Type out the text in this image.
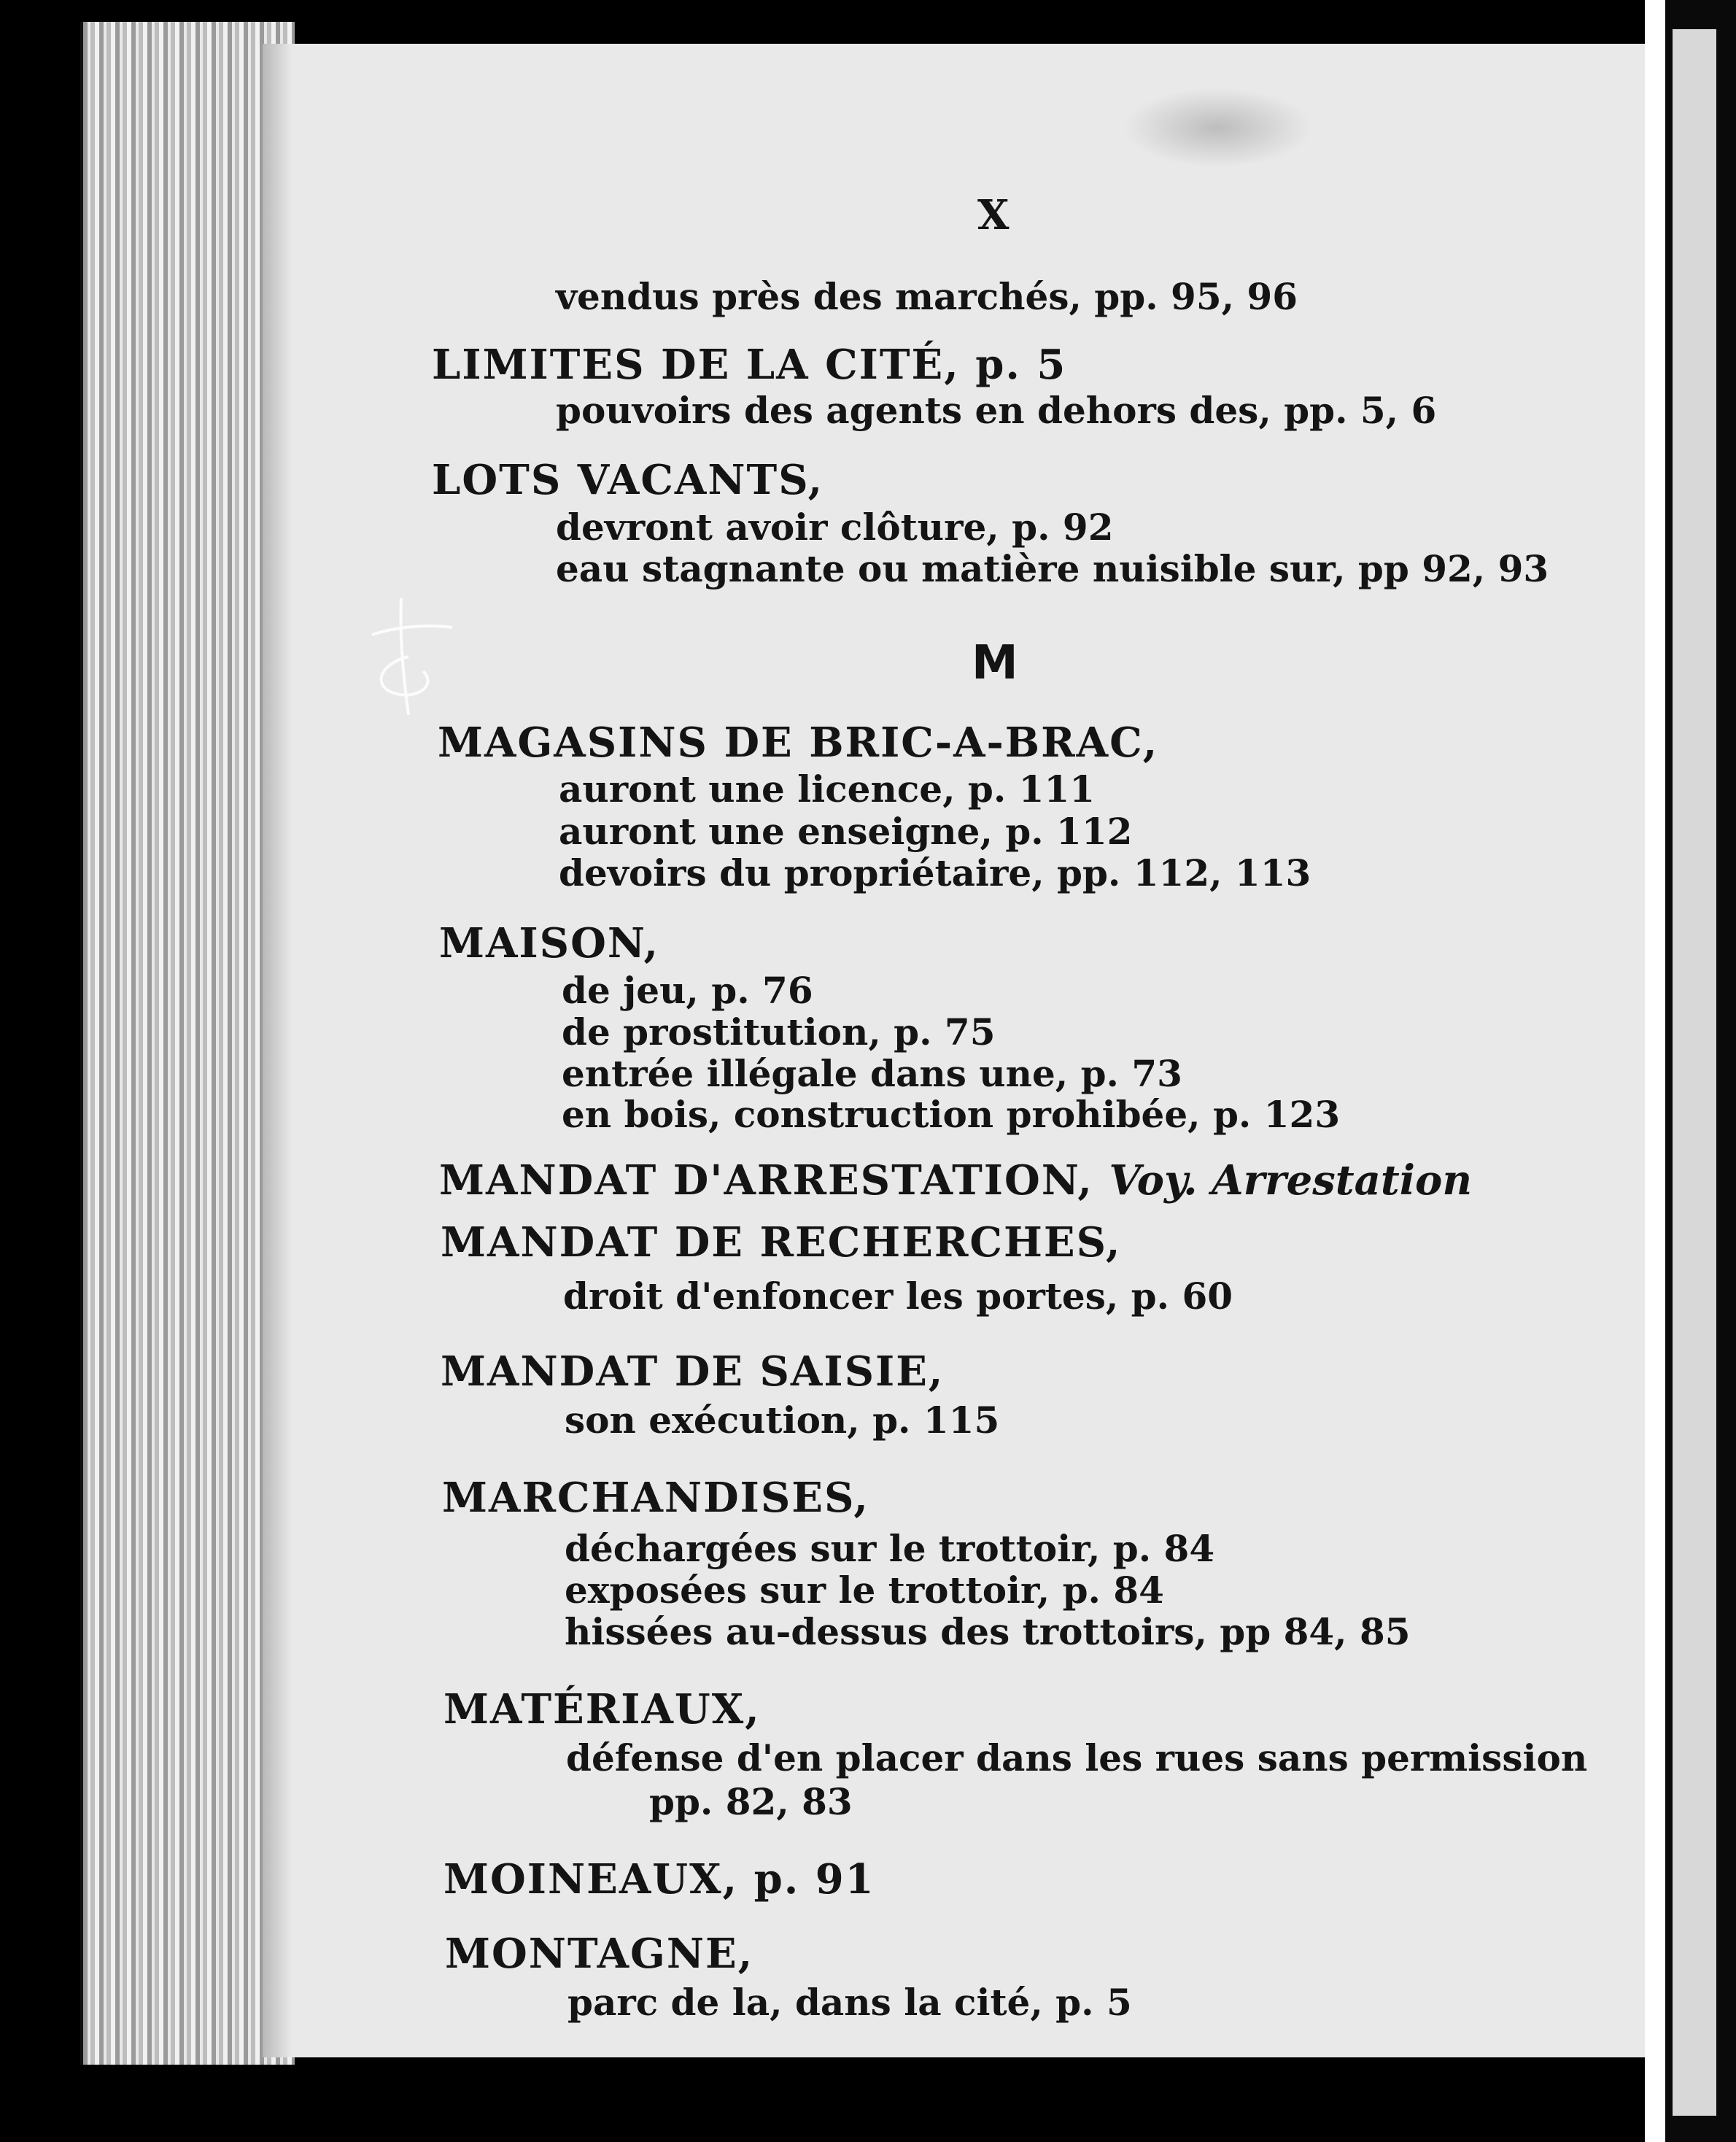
X
vendus près des marchés, pp. 95, 96
LIMITES DE LA CITÉ, p. 5
pouvoirs des agents en dehors des, pp. 5, 6
LOTS VACANTS,
devront avoir clôture, p. 92
eau stagnante ou matière nuisible sur, pp 92, 93
M
MAGASINS DE BRIC-A-BRAC,
auront une licence, p. 111
auront une enseigne, p. 112
devoirs du propriétaire, pp. 112, 113
MAISON,
de jeu, p. 76
de prostitution, p. 75
entrée illégale dans une, p. 73
en bois, construction prohibée, p. 123
MANDAT D'ARRESTATION, Voy. Arrestation
MANDAT DE RECHERCHES,
droit d'enfoncer les portes, p. 60
MANDAT DE SAISIE,
son exécution, p. 115
MARCHANDISES,
déchargées sur le trottoir, p. 84
exposées sur le trottoir, p. 84
hissées au-dessus des trottoirs, pp 84, 85
MATÉRIAUX,
défense d'en placer dans les rues sans permission
pp. 82, 83
MOINEAUX, p. 91
MONTAGNE,
parc de la, dans la cité, p. 5
